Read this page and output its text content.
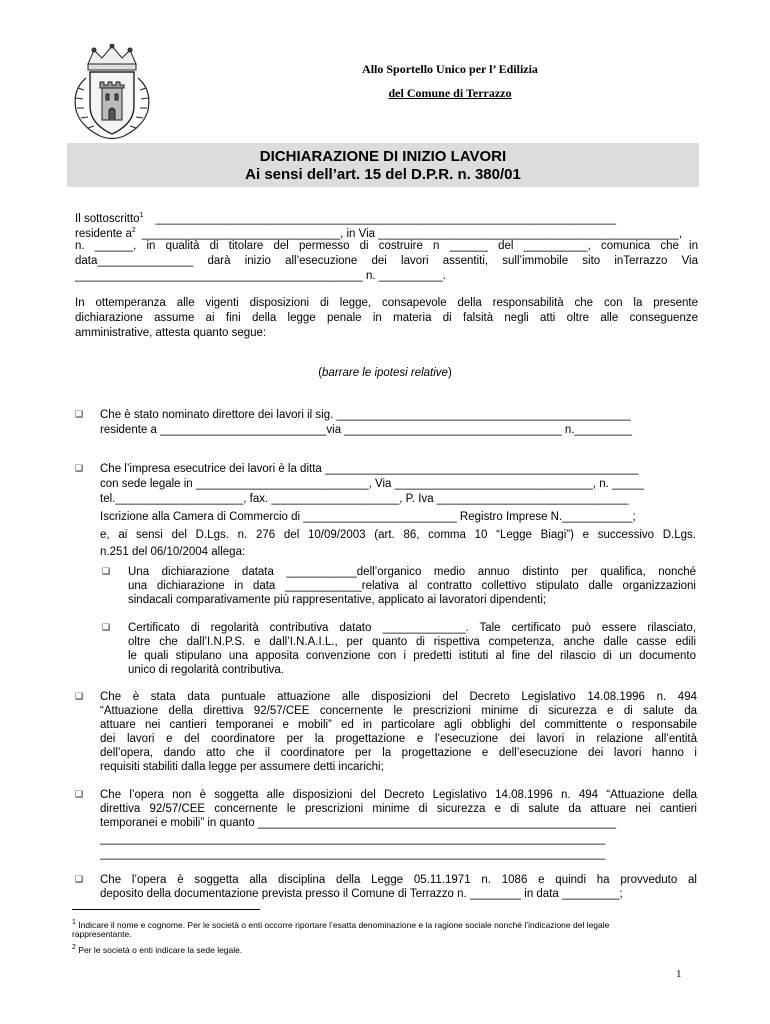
Allo Sportello Unico per l’ Edilizia
del Comune di Terrazzo
DICHIARAZIONE DI INIZIO LAVORI
Ai sensi dell’art. 15 del D.P.R. n. 380/01
Il sottoscritto$^1$ ________________________________________________________________________
residente $a^2$ _______________________________, in Via _______________________________________________,
n. ______, in qualità di titolare del permesso di costruire n ______ del __________, comunica che in
data_______________ darà inizio all’esecuzione dei lavori assentiti, sull’immobile sito inTerrazzo Via
_____________________________________________ n. __________.
In ottemperanza alle vigenti disposizioni di legge, consapevole della responsabilità che con la presente
dichiarazione assume ai fini della legge penale in materia di falsità negli atti oltre alle conseguenze
amministrative, attesta quanto segue:
(barrare le ipotesi relative)
❑ Che è stato nominato direttore dei lavori il sig. ______________________________________________
residente a __________________________via __________________________________ n._________
❑ Che l’impresa esecutrice dei lavori è la ditta _________________________________________________
con sede legale in ___________________________, Via _______________________________, n. _____
tel.____________________, fax. ____________________, P. Iva ______________________________
Iscrizione alla Camera di Commercio di ________________________ Registro Imprese N.___________;
e, ai sensi del D.Lgs. n. 276 del 10/09/2003 (art. 86, comma 10 “Legge Biagi”) e successivo D.Lgs.
n.251 del 06/10/2004 allega:
❑ Una dichiarazione datata ___________dell’organico medio annuo distinto per qualifica, nonché
una dichiarazione in data ____________relativa al contratto collettivo stipulato dalle organizzazioni
sindacali comparativamente più rappresentative, applicato ai lavoratori dipendenti;
❑ Certificato di regolarità contributiva datato _____________. Tale certificato può essere rilasciato,
oltre che dall’I.N.P.S. e dall’I.N.A.I.L., per quanto di rispettiva competenza, anche dalle casse edili
le quali stipulano una apposita convenzione con i predetti istituti al fine del rilascio di un documento
unico di regolarità contributiva.
❑ Che è stata data puntuale attuazione alle disposizioni del Decreto Legislativo 14.08.1996 n. 494
“Attuazione della direttiva 92/57/CEE concernente le prescrizioni minime di sicurezza e di salute da
attuare nei cantieri temporanei e mobili” ed in particolare agli obblighi del committente o responsabile
dei lavori e del coordinatore per la progettazione e l’esecuzione dei lavori in relazione all’entità
dell’opera, dando atto che il coordinatore per la progettazione e dell’esecuzione dei lavori hanno i
requisiti stabiliti dalla legge per assumere detti incarichi;
❑ Che l’opera non è soggetta alle disposizioni del Decreto Legislativo 14.08.1996 n. 494 “Attuazione della
direttiva 92/57/CEE concernente le prescrizioni minime di sicurezza e di salute da attuare nei cantieri
temporanei e mobili” in quanto ________________________________________________________
_______________________________________________________________________________
_______________________________________________________________________________
❑ Che l’opera è soggetta alla disciplina della Legge 05.11.1971 n. 1086 e quindi ha provveduto al
deposito della documentazione prevista presso il Comune di Terrazzo n. ________ in data _________;
$^1$ Indicare il nome e cognome. Per le società o enti occorre riportare l’esatta denominazione e la ragione sociale nonché l’indicazione del legale
rappresentante.
$^2$ Per le società o enti indicare la sede legale.
1
